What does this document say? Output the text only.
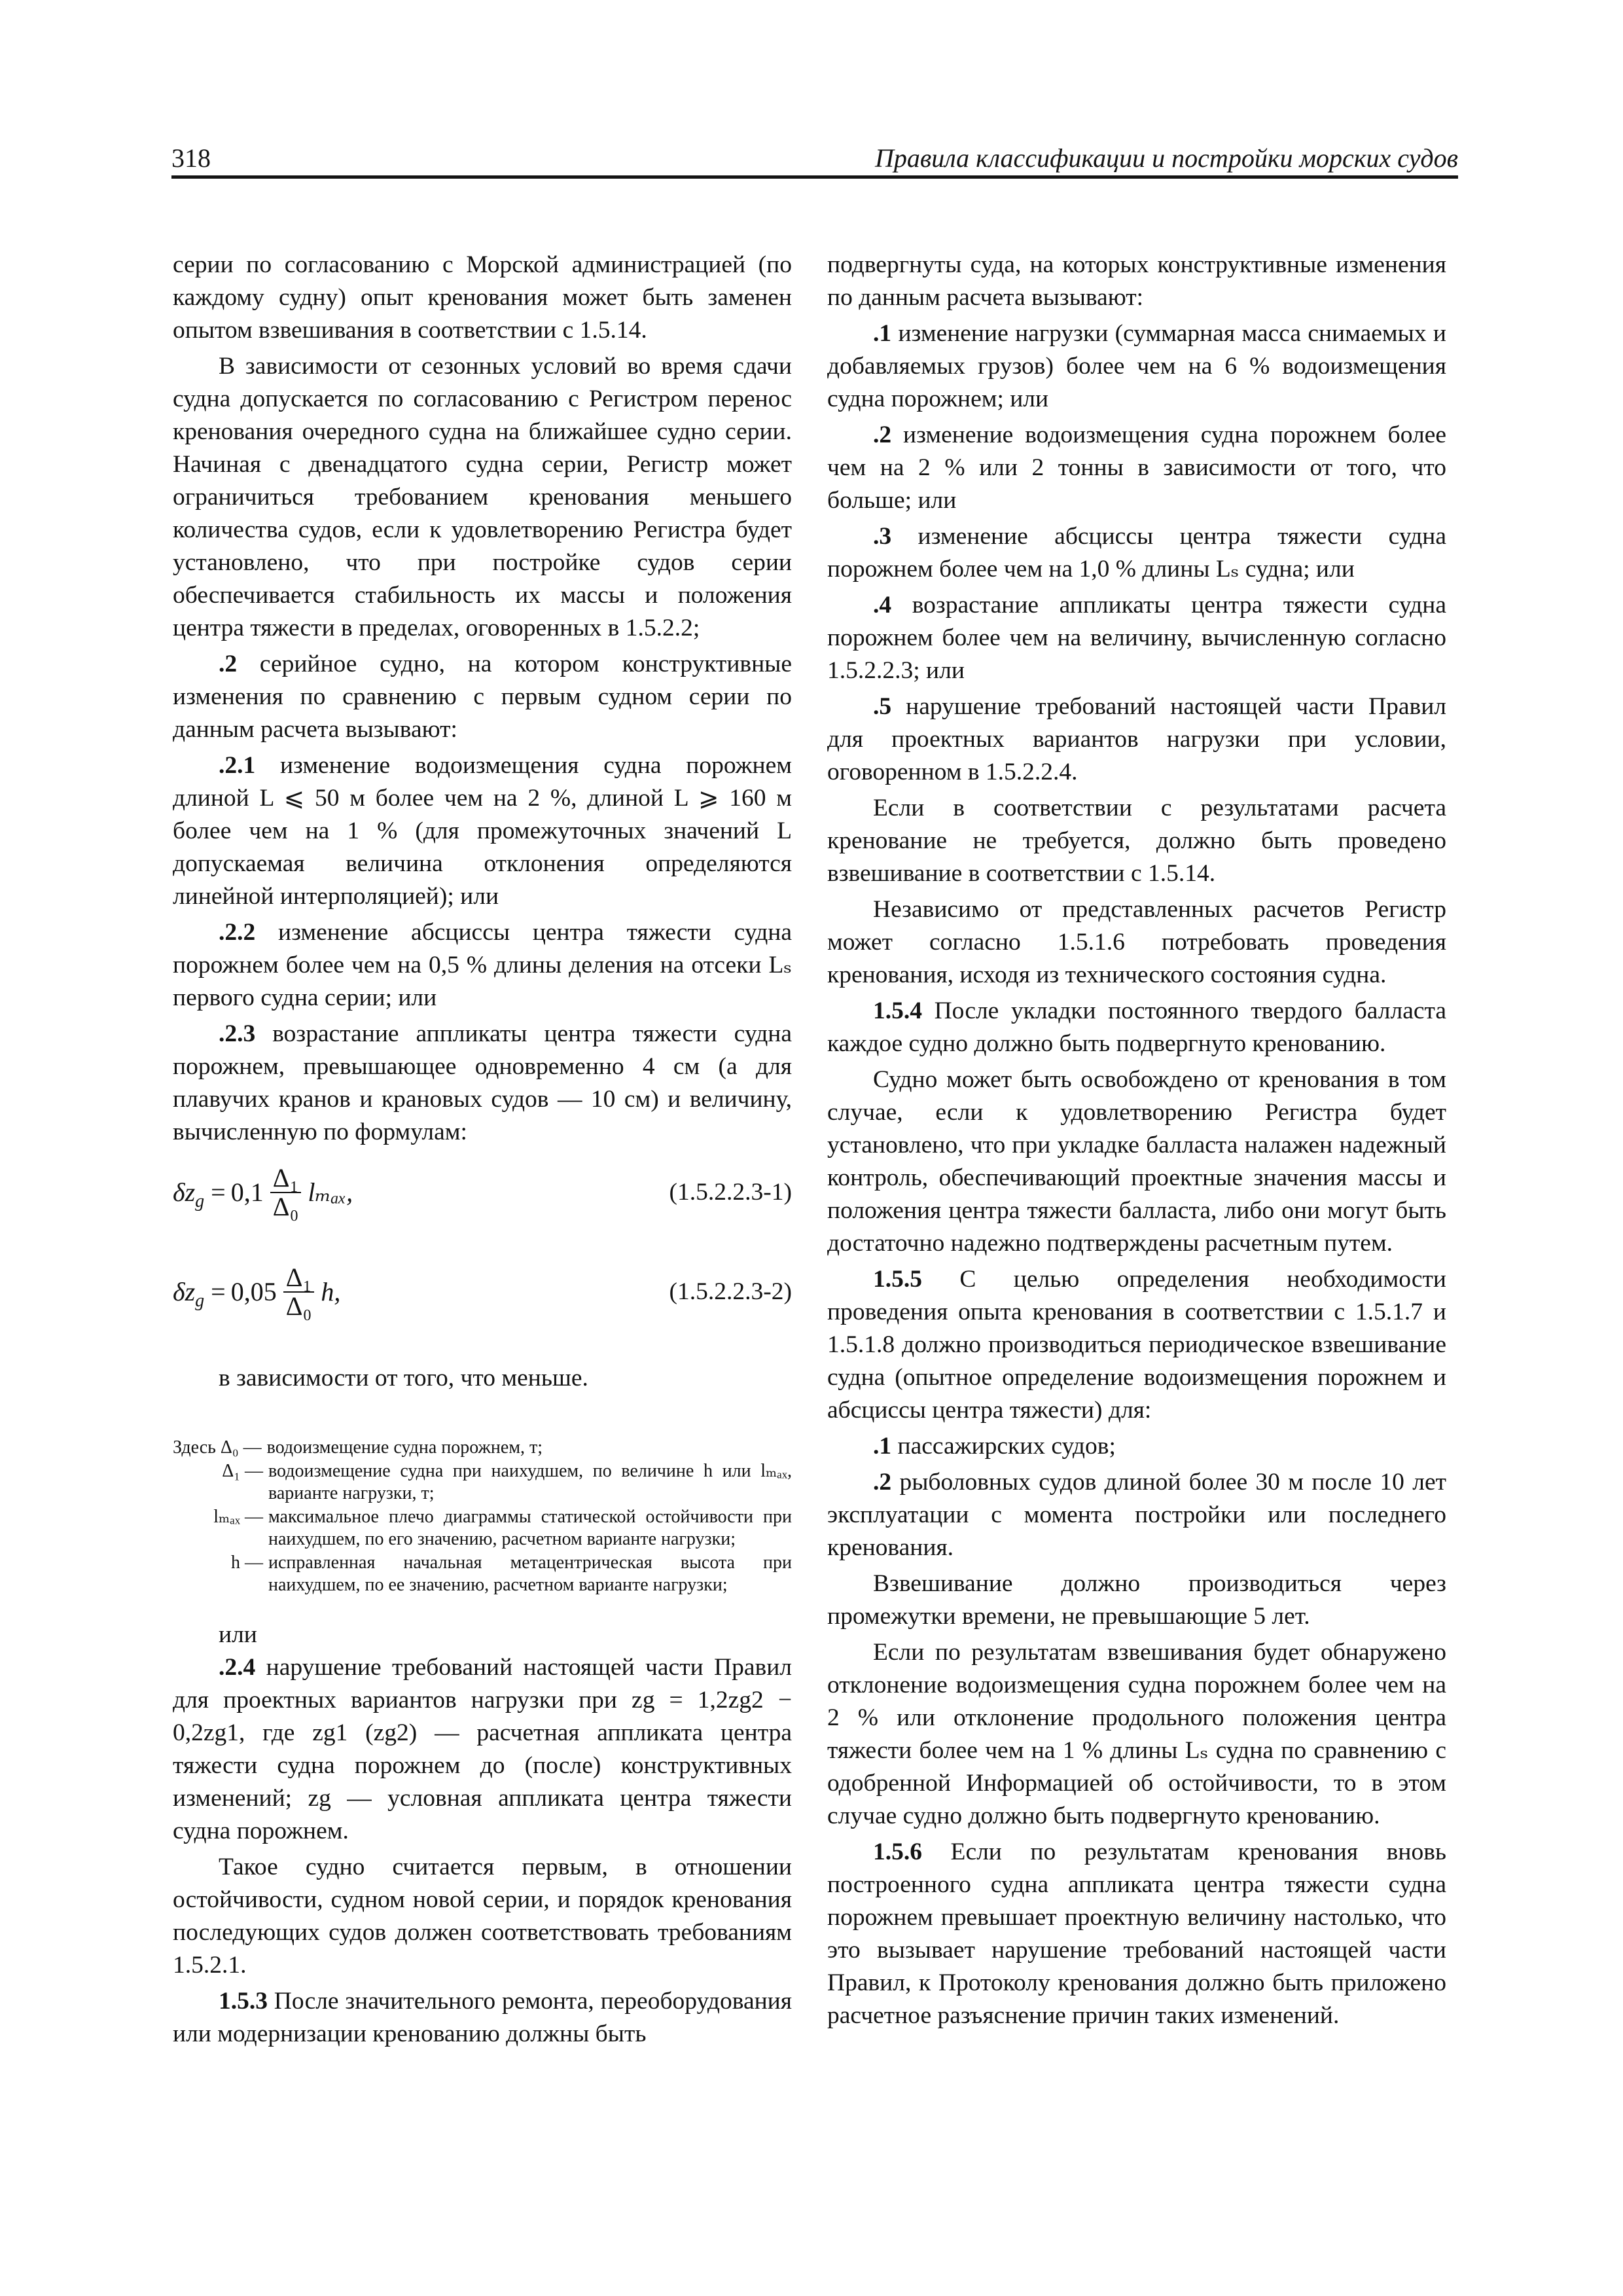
318	Правила классификации и постройки морских судов

серии по согласованию с Морской администрацией (по каждому судну) опыт кренования может быть заменен опытом взвешивания в соответствии с 1.5.14.

В зависимости от сезонных условий во время сдачи судна допускается по согласованию с Регистром перенос кренования очередного судна на ближайшее судно серии. Начиная с двенадцатого судна серии, Регистр может ограничиться требованием кренования меньшего количества судов, если к удовлетворению Регистра будет установлено, что при постройке судов серии обеспечивается стабильность их массы и положения центра тяжести в пределах, оговоренных в 1.5.2.2;

.2 серийное судно, на котором конструктивные изменения по сравнению с первым судном серии по данным расчета вызывают:

.2.1 изменение водоизмещения судна порожнем длиной L ⩽ 50 м более чем на 2 %, длиной L ⩾ 160 м более чем на 1 % (для промежуточных значений L допускаемая величина отклонения определяются линейной интерполяцией); или

.2.2 изменение абсциссы центра тяжести судна порожнем более чем на 0,5 % длины деления на отсеки Lₛ первого судна серии; или

.2.3 возрастание аппликаты центра тяжести судна порожнем, превышающее одновременно 4 см (а для плавучих кранов и крановых судов — 10 см) и величину, вычисленную по формулам:

$\delta z_g = 0,1 \frac{\text{Δ₁}}{\text{Δ₀}} l_{max}$,	(1.5.2.2.3-1)
$\delta z_g = 0,05 \frac{\text{Δ₁}}{\text{Δ₀}} h$,	(1.5.2.2.3-2)
в зависимости от того, что меньше.
Здесь Δ₀ — водоизмещение судна порожнем, т;
Δ₁ — водоизмещение судна при наихудшем, по величине h или lₘₐₓ, варианте нагрузки, т;
lₘₐₓ — максимальное плечо диаграммы статической остойчивости при наихудшем, по его значению, расчетном варианте нагрузки;
h — исправленная начальная метацентрическая высота при наихудшем, по ее значению, расчетном варианте нагрузки;
или

.2.4 нарушение требований настоящей части Правил для проектных вариантов нагрузки при zg = 1,2zg2 − 0,2zg1, где zg1 (zg2) — расчетная аппликата центра тяжести судна порожнем до (после) конструктивных изменений; zg — условная аппликата центра тяжести судна порожнем.

Такое судно считается первым, в отношении остойчивости, судном новой серии, и порядок кренования последующих судов должен соответствовать требованиям 1.5.2.1.

1.5.3 После значительного ремонта, переоборудования или модернизации кренованию должны быть

подвергнуты суда, на которых конструктивные изменения по данным расчета вызывают:

.1 изменение нагрузки (суммарная масса снимаемых и добавляемых грузов) более чем на 6 % водоизмещения судна порожнем; или

.2 изменение водоизмещения судна порожнем более чем на 2 % или 2 тонны в зависимости от того, что больше; или

.3 изменение абсциссы центра тяжести судна порожнем более чем на 1,0 % длины Lₛ судна; или

.4 возрастание аппликаты центра тяжести судна порожнем более чем на величину, вычисленную согласно 1.5.2.2.3; или

.5 нарушение требований настоящей части Правил для проектных вариантов нагрузки при условии, оговоренном в 1.5.2.2.4.

Если в соответствии с результатами расчета кренование не требуется, должно быть проведено взвешивание в соответствии с 1.5.14.

Независимо от представленных расчетов Регистр может согласно 1.5.1.6 потребовать проведения кренования, исходя из технического состояния судна.

1.5.4 После укладки постоянного твердого балласта каждое судно должно быть подвергнуто кренованию.

Судно может быть освобождено от кренования в том случае, если к удовлетворению Регистра будет установлено, что при укладке балласта налажен надежный контроль, обеспечивающий проектные значения массы и положения центра тяжести балласта, либо они могут быть достаточно надежно подтверждены расчетным путем.

1.5.5 С целью определения необходимости проведения опыта кренования в соответствии с 1.5.1.7 и 1.5.1.8 должно производиться периодическое взвешивание судна (опытное определение водоизмещения порожнем и абсциссы центра тяжести) для:

.1 пассажирских судов;

.2 рыболовных судов длиной более 30 м после 10 лет эксплуатации с момента постройки или последнего кренования.

Взвешивание должно производиться через промежутки времени, не превышающие 5 лет.

Если по результатам взвешивания будет обнаружено отклонение водоизмещения судна порожнем более чем на 2 % или отклонение продольного положения центра тяжести более чем на 1 % длины Lₛ судна по сравнению с одобренной Информацией об остойчивости, то в этом случае судно должно быть подвергнуто кренованию.

1.5.6 Если по результатам кренования вновь построенного судна аппликата центра тяжести судна порожнем превышает проектную величину настолько, что это вызывает нарушение требований настоящей части Правил, к Протоколу кренования должно быть приложено расчетное разъяснение причин таких изменений.
